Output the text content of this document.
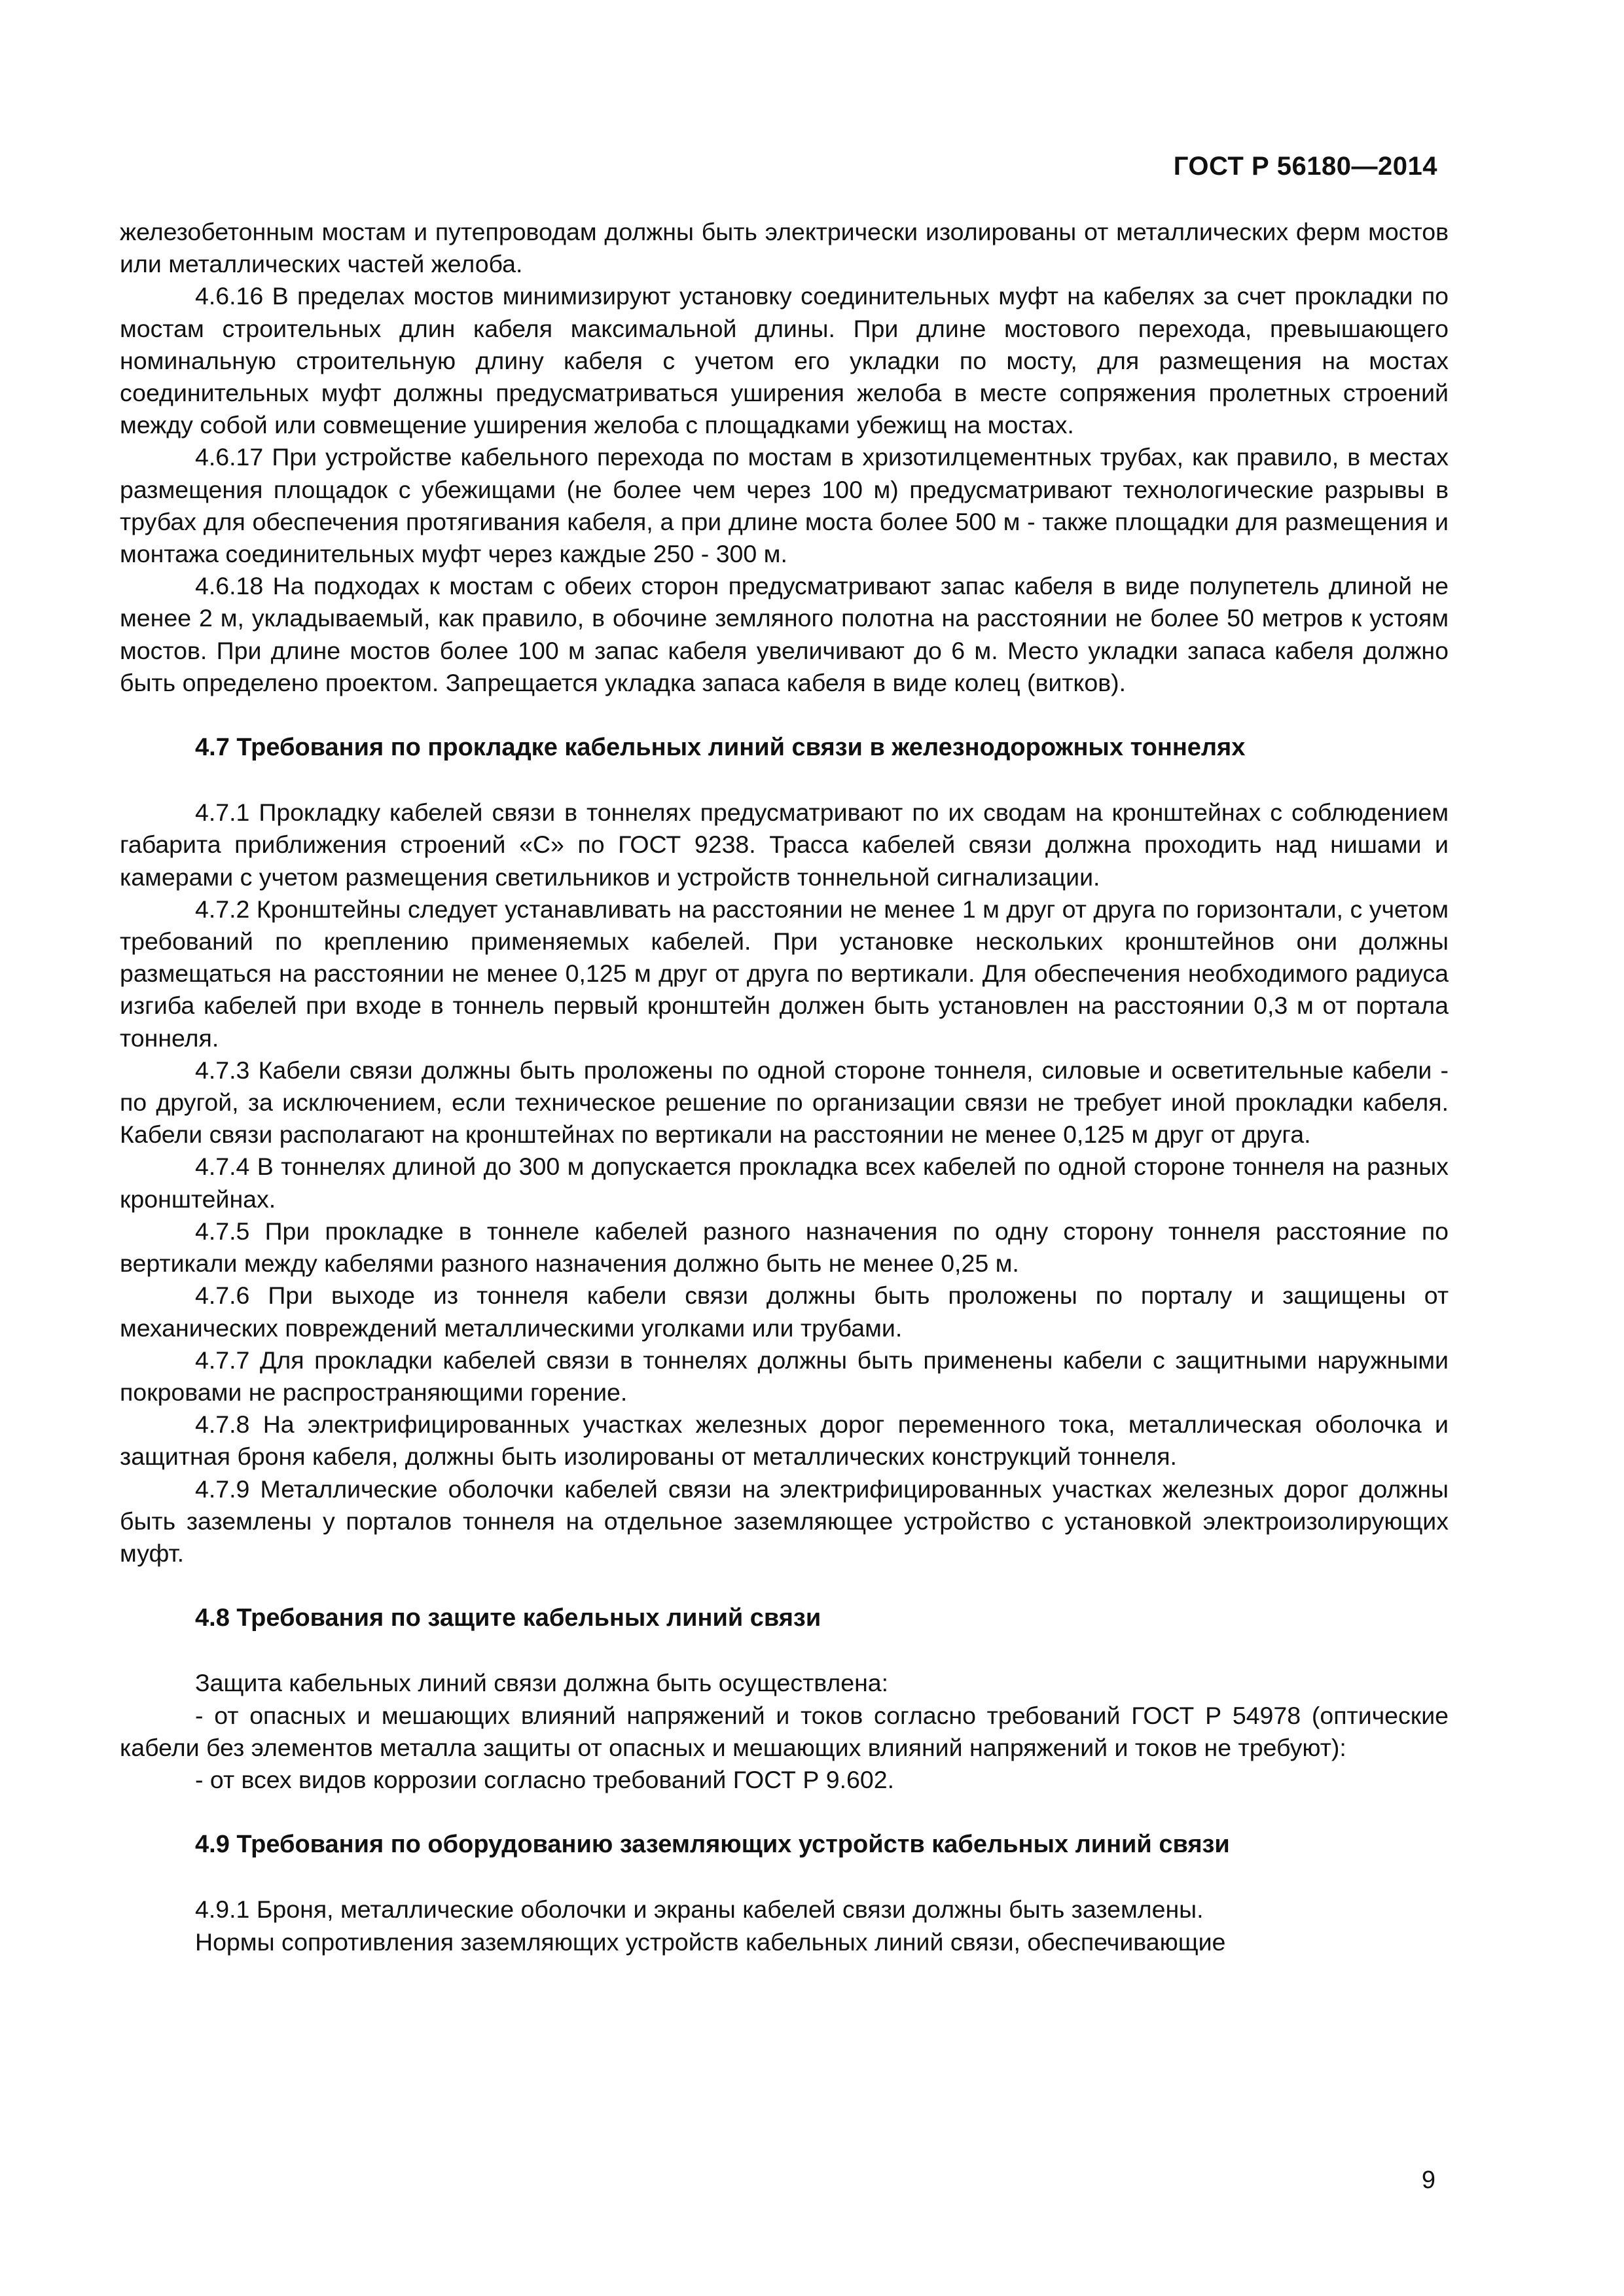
ГОСТ Р 56180—2014

железобетонным мостам и путепроводам должны быть электрически изолированы от металлических ферм мостов или металлических частей желоба.

4.6.16 В пределах мостов минимизируют установку соединительных муфт на кабелях за счет прокладки по мостам строительных длин кабеля максимальной длины. При длине мостового перехода, превышающего номинальную строительную длину кабеля с учетом его укладки по мосту, для размещения на мостах соединительных муфт должны предусматриваться уширения желоба в месте сопряжения пролетных строений между собой или совмещение уширения желоба с площадками убежищ на мостах.

4.6.17 При устройстве кабельного перехода по мостам в хризотилцементных трубах, как правило, в местах размещения площадок с убежищами (не более чем через 100 м) предусматривают технологические разрывы в трубах для обеспечения протягивания кабеля, а при длине моста более 500 м - также площадки для размещения и монтажа соединительных муфт через каждые 250 - 300 м.

4.6.18 На подходах к мостам с обеих сторон предусматривают запас кабеля в виде полупетель длиной не менее 2 м, укладываемый, как правило, в обочине земляного полотна на расстоянии не более 50 метров к устоям мостов. При длине мостов более 100 м запас кабеля увеличивают до 6 м. Место укладки запаса кабеля должно быть определено проектом. Запрещается укладка запаса кабеля в виде колец (витков).

4.7 Требования по прокладке кабельных линий связи в железнодорожных тоннелях

4.7.1 Прокладку кабелей связи в тоннелях предусматривают по их сводам на кронштейнах с соблюдением габарита приближения строений «С» по ГОСТ 9238. Трасса кабелей связи должна проходить над нишами и камерами с учетом размещения светильников и устройств тоннельной сигнализации.

4.7.2 Кронштейны следует устанавливать на расстоянии не менее 1 м друг от друга по горизонтали, с учетом требований по креплению применяемых кабелей. При установке нескольких кронштейнов они должны размещаться на расстоянии не менее 0,125 м друг от друга по вертикали. Для обеспечения необходимого радиуса изгиба кабелей при входе в тоннель первый кронштейн должен быть установлен на расстоянии 0,3 м от портала тоннеля.

4.7.3 Кабели связи должны быть проложены по одной стороне тоннеля, силовые и осветительные кабели - по другой, за исключением, если техническое решение по организации связи не требует иной прокладки кабеля. Кабели связи располагают на кронштейнах по вертикали на расстоянии не менее 0,125 м друг от друга.

4.7.4 В тоннелях длиной до 300 м допускается прокладка всех кабелей по одной стороне тоннеля на разных кронштейнах.

4.7.5 При прокладке в тоннеле кабелей разного назначения по одну сторону тоннеля расстояние по вертикали между кабелями разного назначения должно быть не менее 0,25 м.

4.7.6 При выходе из тоннеля кабели связи должны быть проложены по порталу и защищены от механических повреждений металлическими уголками или трубами.

4.7.7 Для прокладки кабелей связи в тоннелях должны быть применены кабели с защитными наружными покровами не распространяющими горение.

4.7.8 На электрифицированных участках железных дорог переменного тока, металлическая оболочка и защитная броня кабеля, должны быть изолированы от металлических конструкций тоннеля.

4.7.9 Металлические оболочки кабелей связи на электрифицированных участках железных дорог должны быть заземлены у порталов тоннеля на отдельное заземляющее устройство с установкой электроизолирующих муфт.

4.8 Требования по защите кабельных линий связи

Защита кабельных линий связи должна быть осуществлена:

- от опасных и мешающих влияний напряжений и токов согласно требований ГОСТ Р 54978 (оптические кабели без элементов металла защиты от опасных и мешающих влияний напряжений и токов не требуют):

- от всех видов коррозии согласно требований ГОСТ Р 9.602.

4.9 Требования по оборудованию заземляющих устройств кабельных линий связи

4.9.1 Броня, металлические оболочки и экраны кабелей связи должны быть заземлены.

Нормы сопротивления заземляющих устройств кабельных линий связи, обеспечивающие

9
